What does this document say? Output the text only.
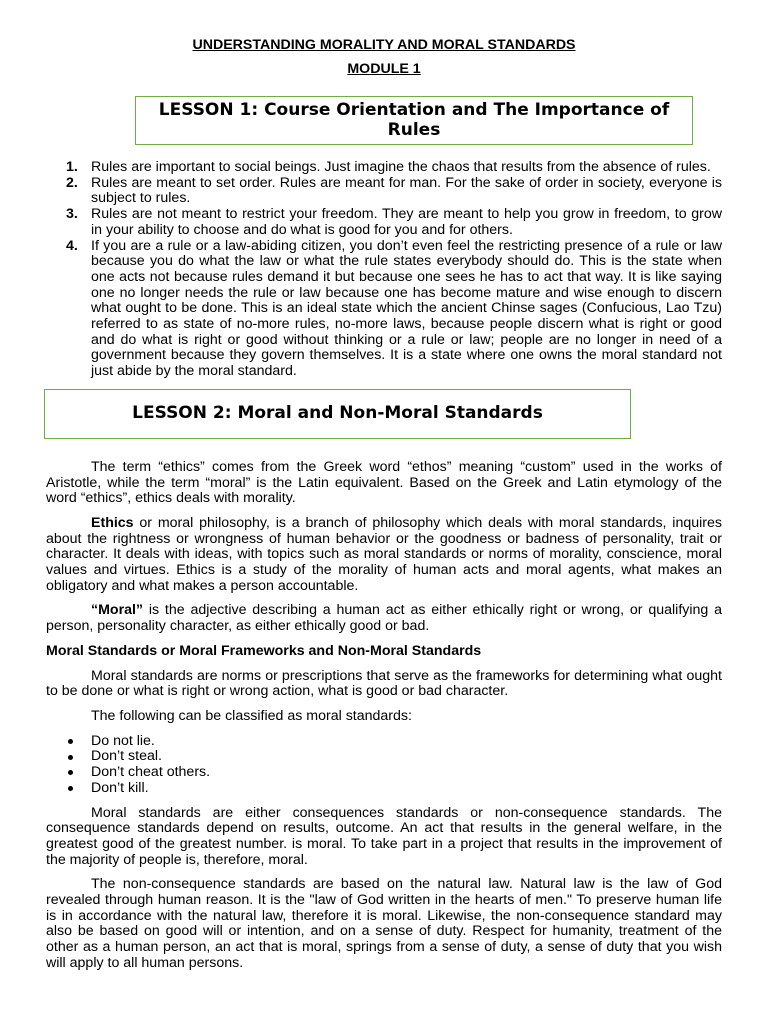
UNDERSTANDING MORALITY AND MORAL STANDARDS
MODULE 1
LESSON 1: Course Orientation and The Importance of Rules
1. Rules are important to social beings. Just imagine the chaos that results from the absence of rules.
2. Rules are meant to set order. Rules are meant for man. For the sake of order in society, everyone is subject to rules.
3. Rules are not meant to restrict your freedom. They are meant to help you grow in freedom, to grow in your ability to choose and do what is good for you and for others.
4. If you are a rule or a law-abiding citizen, you don’t even feel the restricting presence of a rule or law because you do what the law or what the rule states everybody should do. This is the state when one acts not because rules demand it but because one sees he has to act that way. It is like saying one no longer needs the rule or law because one has become mature and wise enough to discern what ought to be done. This is an ideal state which the ancient Chinse sages (Confucious, Lao Tzu) referred to as state of no-more rules, no-more laws, because people discern what is right or good and do what is right or good without thinking or a rule or law; people are no longer in need of a government because they govern themselves. It is a state where one owns the moral standard not just abide by the moral standard.
LESSON 2: Moral and Non-Moral Standards

The term “ethics” comes from the Greek word “ethos” meaning “custom” used in the works of Aristotle, while the term “moral” is the Latin equivalent. Based on the Greek and Latin etymology of the word “ethics”, ethics deals with morality.

Ethics or moral philosophy, is a branch of philosophy which deals with moral standards, inquires about the rightness or wrongness of human behavior or the goodness or badness of personality, trait or character. It deals with ideas, with topics such as moral standards or norms of morality, conscience, moral values and virtues. Ethics is a study of the morality of human acts and moral agents, what makes an obligatory and what makes a person accountable.

“Moral” is the adjective describing a human act as either ethically right or wrong, or qualifying a person, personality character, as either ethically good or bad.

Moral Standards or Moral Frameworks and Non-Moral Standards

Moral standards are norms or prescriptions that serve as the frameworks for determining what ought to be done or what is right or wrong action, what is good or bad character.

The following can be classified as moral standards:

Do not lie.
Don’t steal.
Don’t cheat others.
Don’t kill.

Moral standards are either consequences standards or non-consequence standards. The consequence standards depend on results, outcome. An act that results in the general welfare, in the greatest good of the greatest number. is moral. To take part in a project that results in the improvement of the majority of people is, therefore, moral.

The non-consequence standards are based on the natural law. Natural law is the law of God revealed through human reason. It is the "law of God written in the hearts of men." To preserve human life is in accordance with the natural law, therefore it is moral. Likewise, the non-consequence standard may also be based on good will or intention, and on a sense of duty. Respect for humanity, treatment of the other as a human person, an act that is moral, springs from a sense of duty, a sense of duty that you wish will apply to all human persons.
